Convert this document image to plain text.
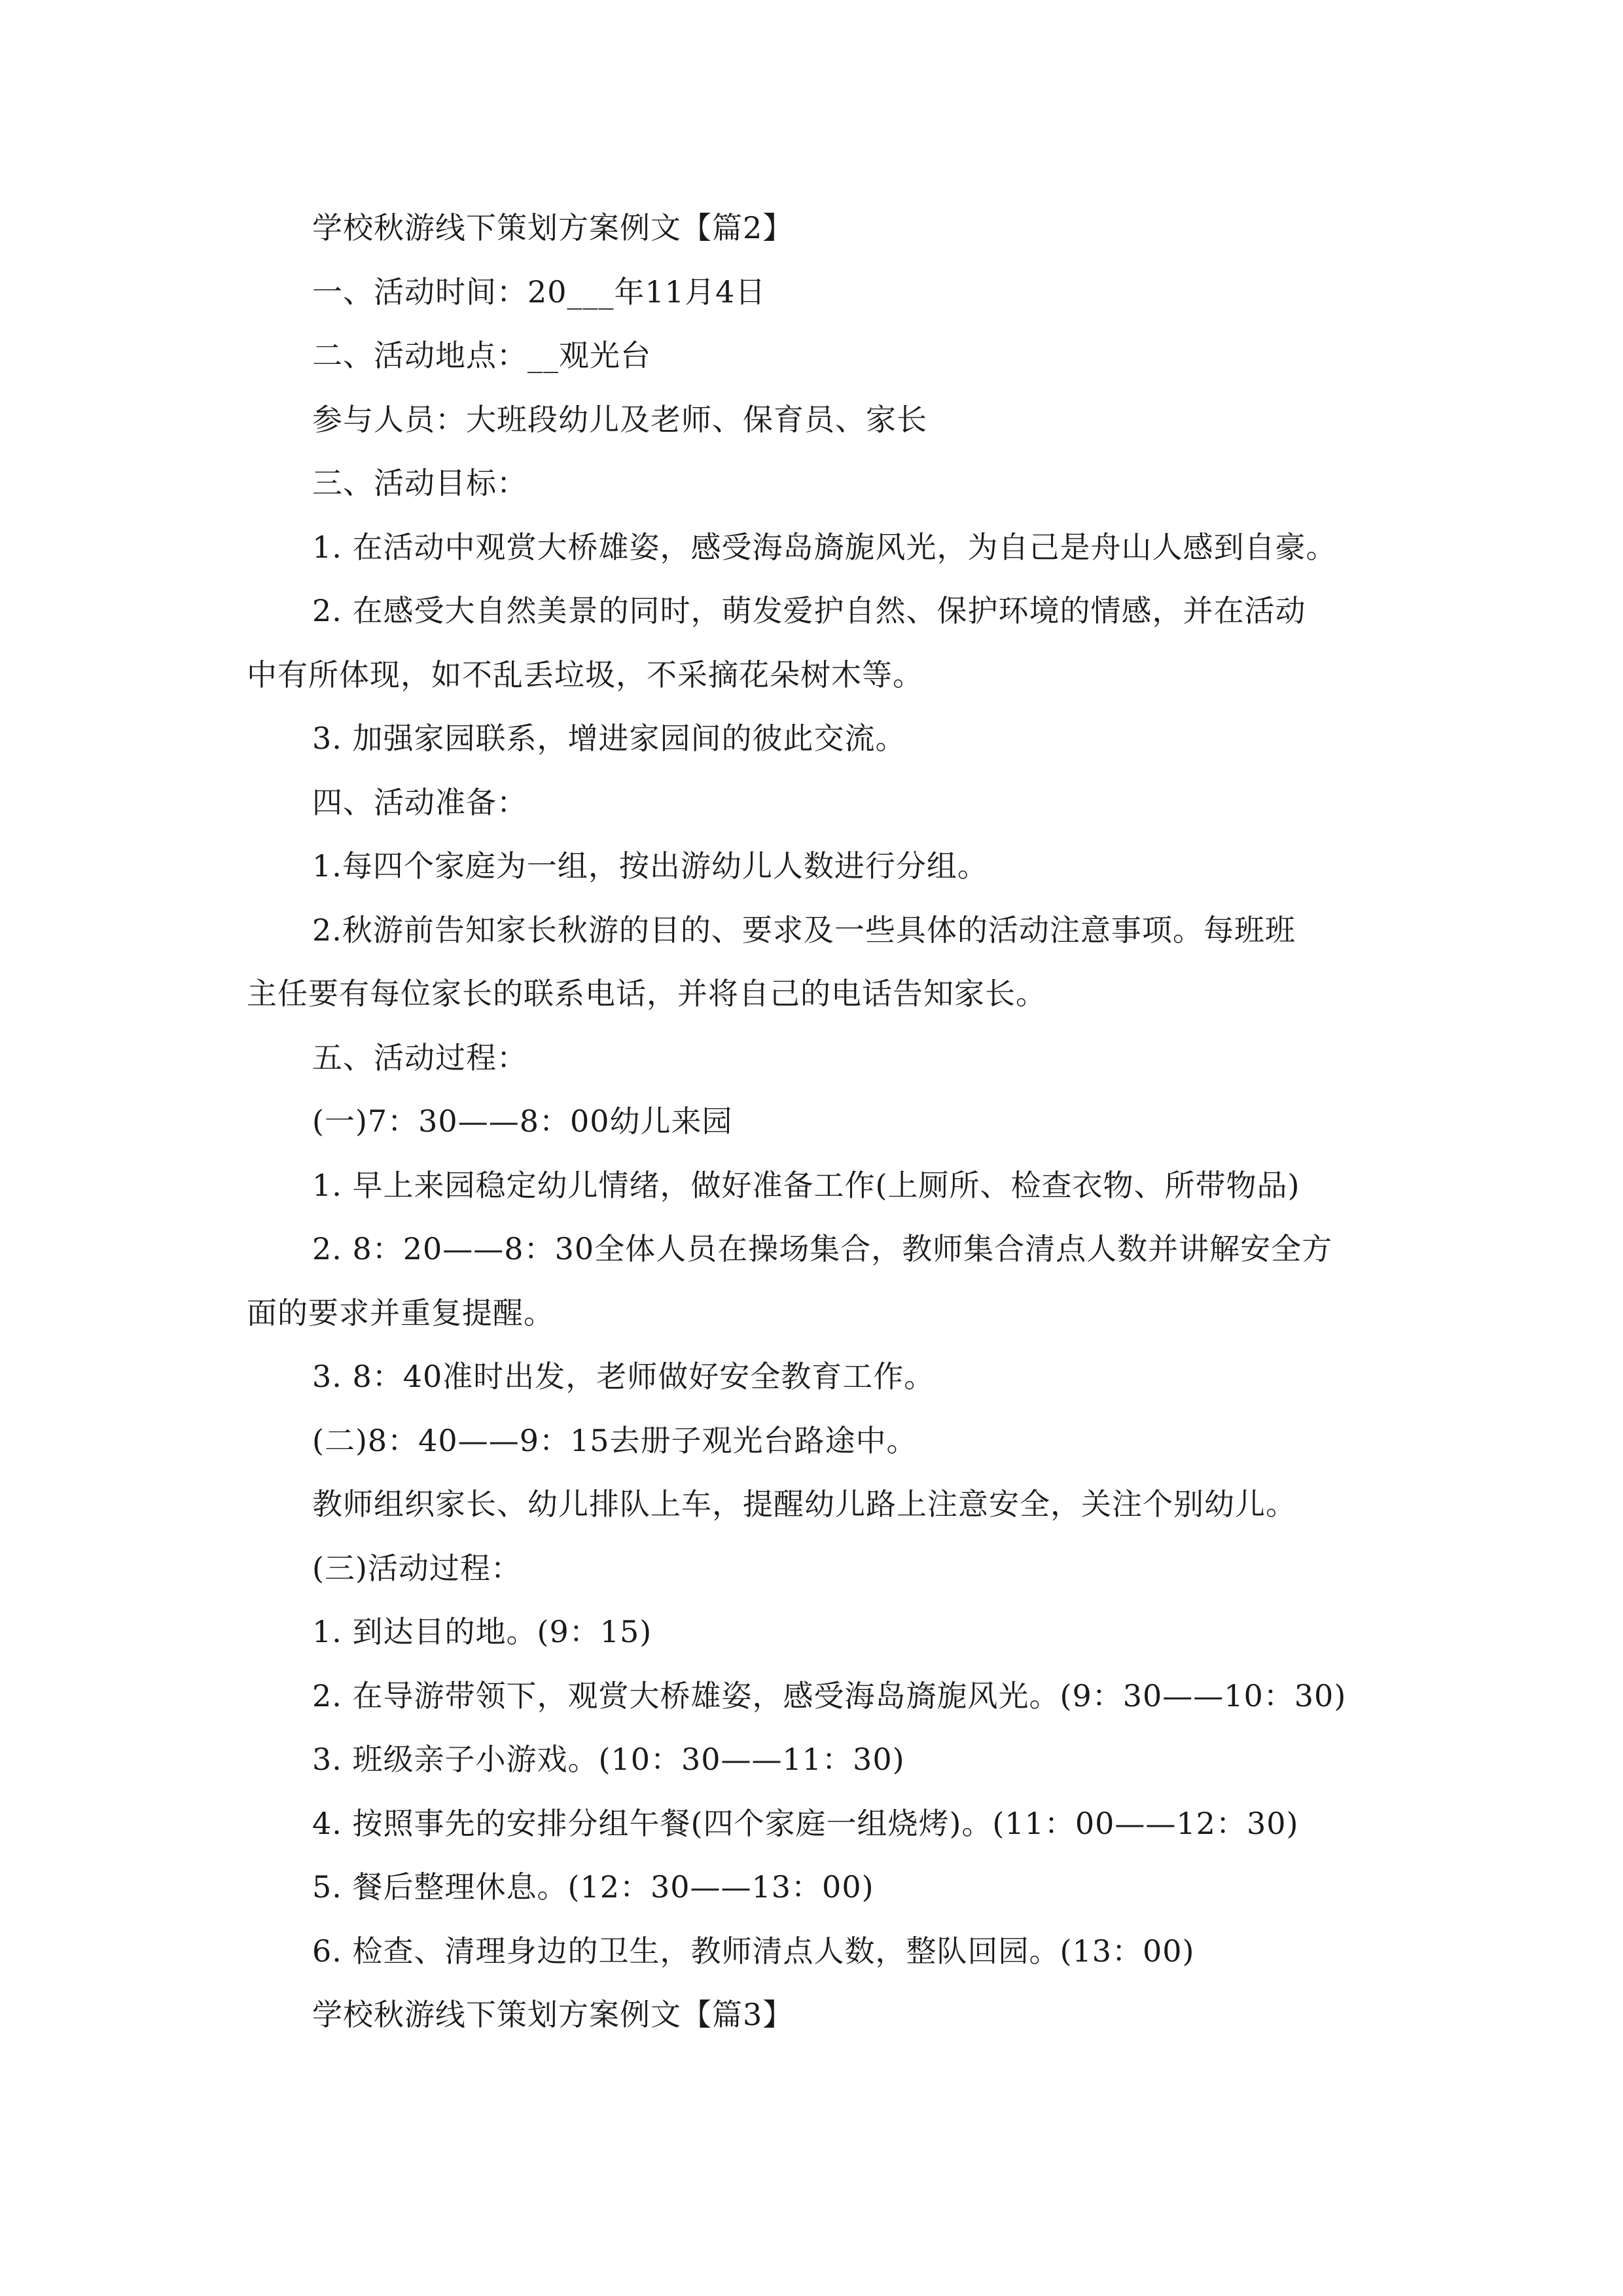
学校秋游线下策划方案例文【篇2】
一、活动时间：20___年11月4日
二、活动地点：__观光台
参与人员：大班段幼儿及老师、保育员、家长
三、活动目标：
1. 在活动中观赏大桥雄姿，感受海岛旖旎风光，为自己是舟山人感到自豪。
2. 在感受大自然美景的同时，萌发爱护自然、保护环境的情感，并在活动
中有所体现，如不乱丢垃圾，不采摘花朵树木等。
3. 加强家园联系，增进家园间的彼此交流。
四、活动准备：
1.每四个家庭为一组，按出游幼儿人数进行分组。
2.秋游前告知家长秋游的目的、要求及一些具体的活动注意事项。每班班
主任要有每位家长的联系电话，并将自己的电话告知家长。
五、活动过程：
(一)7：30——8：00幼儿来园
1. 早上来园稳定幼儿情绪，做好准备工作(上厕所、检查衣物、所带物品)
2. 8：20——8：30全体人员在操场集合，教师集合清点人数并讲解安全方
面的要求并重复提醒。
3. 8：40准时出发，老师做好安全教育工作。
(二)8：40——9：15去册子观光台路途中。
教师组织家长、幼儿排队上车，提醒幼儿路上注意安全，关注个别幼儿。
(三)活动过程：
1. 到达目的地。(9：15)
2. 在导游带领下，观赏大桥雄姿，感受海岛旖旎风光。(9：30——10：30)
3. 班级亲子小游戏。(10：30——11：30)
4. 按照事先的安排分组午餐(四个家庭一组烧烤)。(11：00——12：30)
5. 餐后整理休息。(12：30——13：00)
6. 检查、清理身边的卫生，教师清点人数，整队回园。(13：00)
学校秋游线下策划方案例文【篇3】
